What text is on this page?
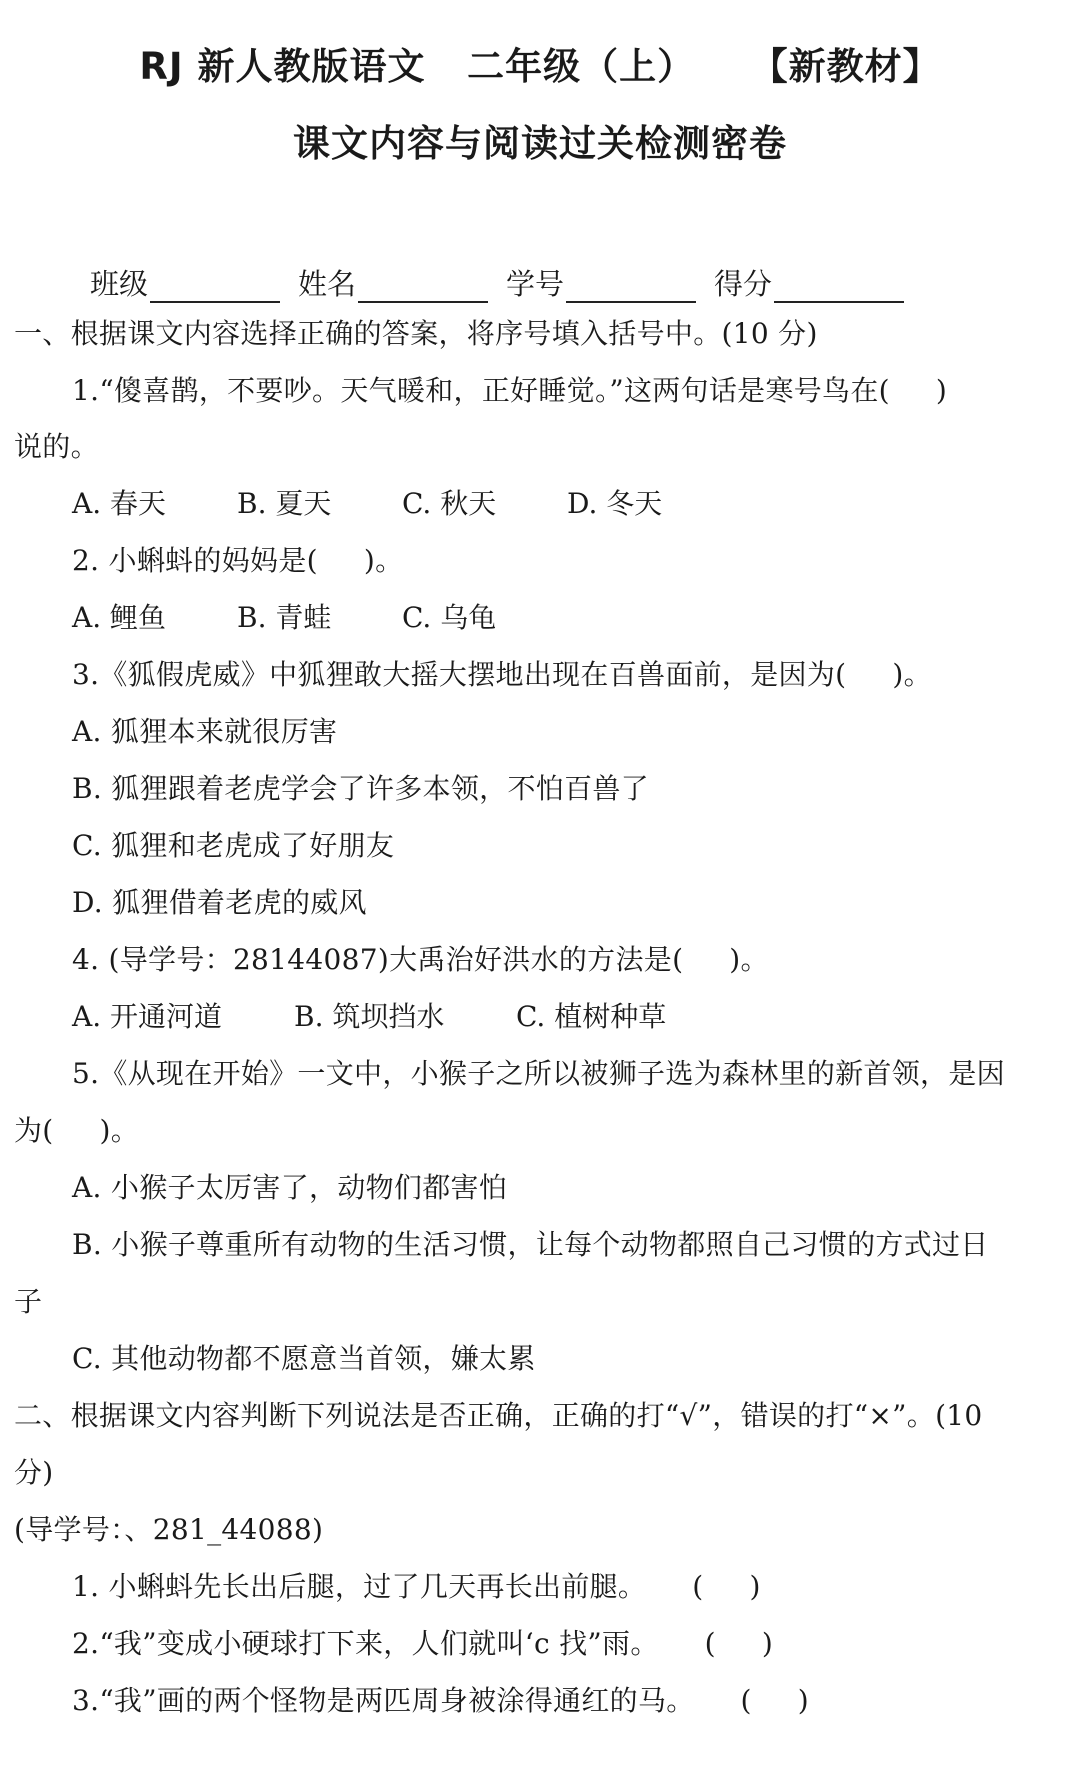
RJ 新人教版语文   二年级（上）    【新教材】
课文内容与阅读过关检测密卷
班级	姓名	学号	得分
一、根据课文内容选择正确的答案，将序号填入括号中。(10 分)
1.“傻喜鹊，不要吵。天气暖和，正好睡觉。”这两句话是寒号鸟在(     )
说的。
A. 春天	B. 夏天	C. 秋天	D. 冬天
2. 小蝌蚪的妈妈是(     )。
A. 鲤鱼	B. 青蛙	C. 乌龟
3.《狐假虎威》中狐狸敢大摇大摆地出现在百兽面前，是因为(     )。
A. 狐狸本来就很厉害
B. 狐狸跟着老虎学会了许多本领，不怕百兽了
C. 狐狸和老虎成了好朋友
D. 狐狸借着老虎的威风
4. (导学号：28144087)大禹治好洪水的方法是(     )。
A. 开通河道	B. 筑坝挡水	C. 植树种草
5.《从现在开始》一文中，小猴子之所以被狮子选为森林里的新首领，是因
为(     )。
A. 小猴子太厉害了，动物们都害怕
B. 小猴子尊重所有动物的生活习惯，让每个动物都照自己习惯的方式过日
子
C. 其他动物都不愿意当首领，嫌太累
二、根据课文内容判断下列说法是否正确，正确的打“√”，错误的打“×”。(10
分)
(导学号：、281_44088)
1. 小蝌蚪先长出后腿，过了几天再长出前腿。     (     )
2.“我”变成小硬球打下来，人们就叫‘c 找”雨。     (     )
3.“我”画的两个怪物是两匹周身被涂得通红的马。     (     )
